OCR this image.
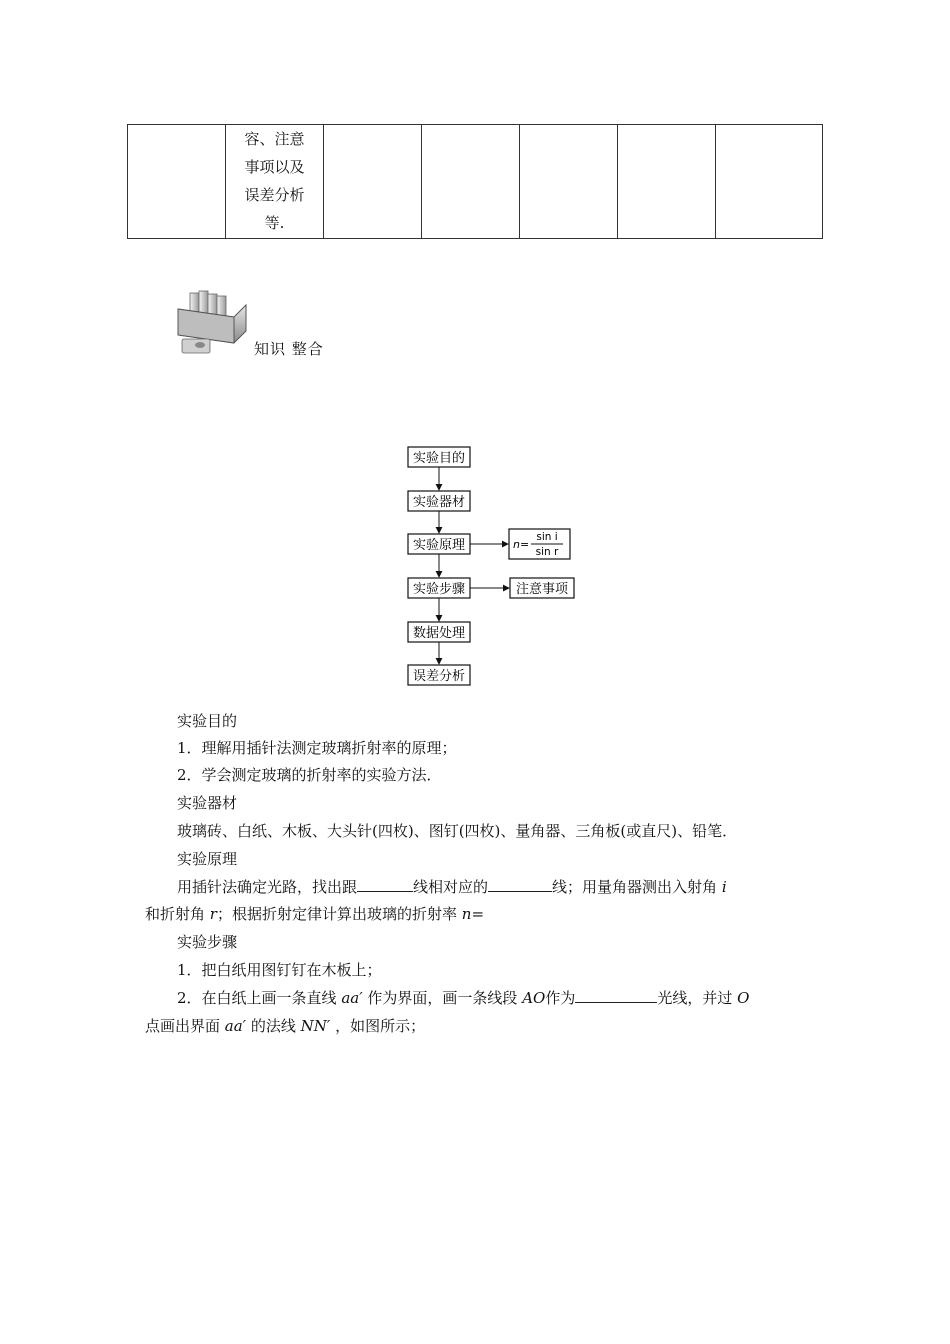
容、注意
事项以及
误差分析
等.

知识 整合
实验目的
实验器材
实验原理
实验步骤
数据处理
误差分析
n=
sin i
sin r
注意事项
实验目的
1．理解用插针法测定玻璃折射率的原理；
2．学会测定玻璃的折射率的实验方法．
实验器材
玻璃砖、白纸、木板、大头针(四枚)、图钉(四枚)、量角器、三角板(或直尺)、铅笔．
实验原理
用插针法确定光路，找出跟	线相对应的	线；用量角器测出入射角 i
和折射角 r；根据折射定律计算出玻璃的折射率 n=
实验步骤
1．把白纸用图钉钉在木板上；
2．在白纸上画一条直线 aa′ 作为界面，画一条线段 AO作为	光线，并过 O
点画出界面 aa′ 的法线 NN′ ，如图所示；
